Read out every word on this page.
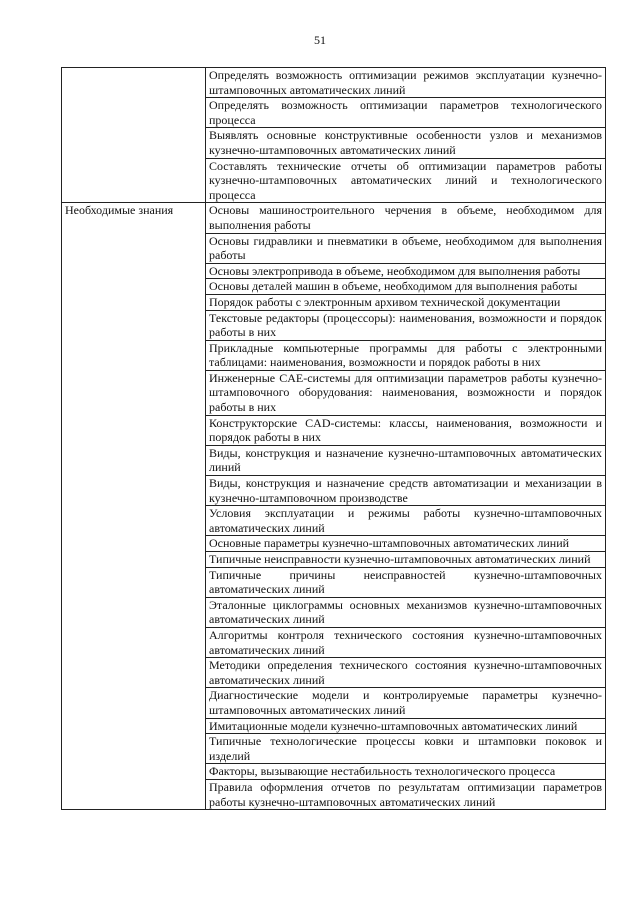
51
	Определять возможность оптимизации режимов эксплуатации кузнечно-штамповочных автоматических линий
	Определять возможность оптимизации параметров технологического процесса
	Выявлять основные конструктивные особенности узлов и механизмов кузнечно-штамповочных автоматических линий
	Составлять технические отчеты об оптимизации параметров работы кузнечно-штамповочных автоматических линий и технологического процесса
Необходимые знания	Основы машиностроительного черчения в объеме, необходимом для выполнения работы
	Основы гидравлики и пневматики в объеме, необходимом для выполнения работы
	Основы электропривода в объеме, необходимом для выполнения работы
	Основы деталей машин в объеме, необходимом для выполнения работы
	Порядок работы с электронным архивом технической документации
	Текстовые редакторы (процессоры): наименования, возможности и порядок работы в них
	Прикладные компьютерные программы для работы с электронными таблицами: наименования, возможности и порядок работы в них
	Инженерные CAE-системы для оптимизации параметров работы кузнечно-штамповочного оборудования: наименования, возможности и порядок работы в них
	Конструкторские CAD-системы: классы, наименования, возможности и порядок работы в них
	Виды, конструкция и назначение кузнечно-штамповочных автоматических линий
	Виды, конструкция и назначение средств автоматизации и механизации в кузнечно-штамповочном производстве
	Условия эксплуатации и режимы работы кузнечно-штамповочных автоматических линий
	Основные параметры кузнечно-штамповочных автоматических линий
	Типичные неисправности кузнечно-штамповочных автоматических линий
	Типичные причины неисправностей кузнечно-штамповочных автоматических линий
	Эталонные циклограммы основных механизмов кузнечно-штамповочных автоматических линий
	Алгоритмы контроля технического состояния кузнечно-штамповочных автоматических линий
	Методики определения технического состояния кузнечно-штамповочных автоматических линий
	Диагностические модели и контролируемые параметры кузнечно-штамповочных автоматических линий
	Имитационные модели кузнечно-штамповочных автоматических линий
	Типичные технологические процессы ковки и штамповки поковок и изделий
	Факторы, вызывающие нестабильность технологического процесса
	Правила оформления отчетов по результатам оптимизации параметров работы кузнечно-штамповочных автоматических линий
